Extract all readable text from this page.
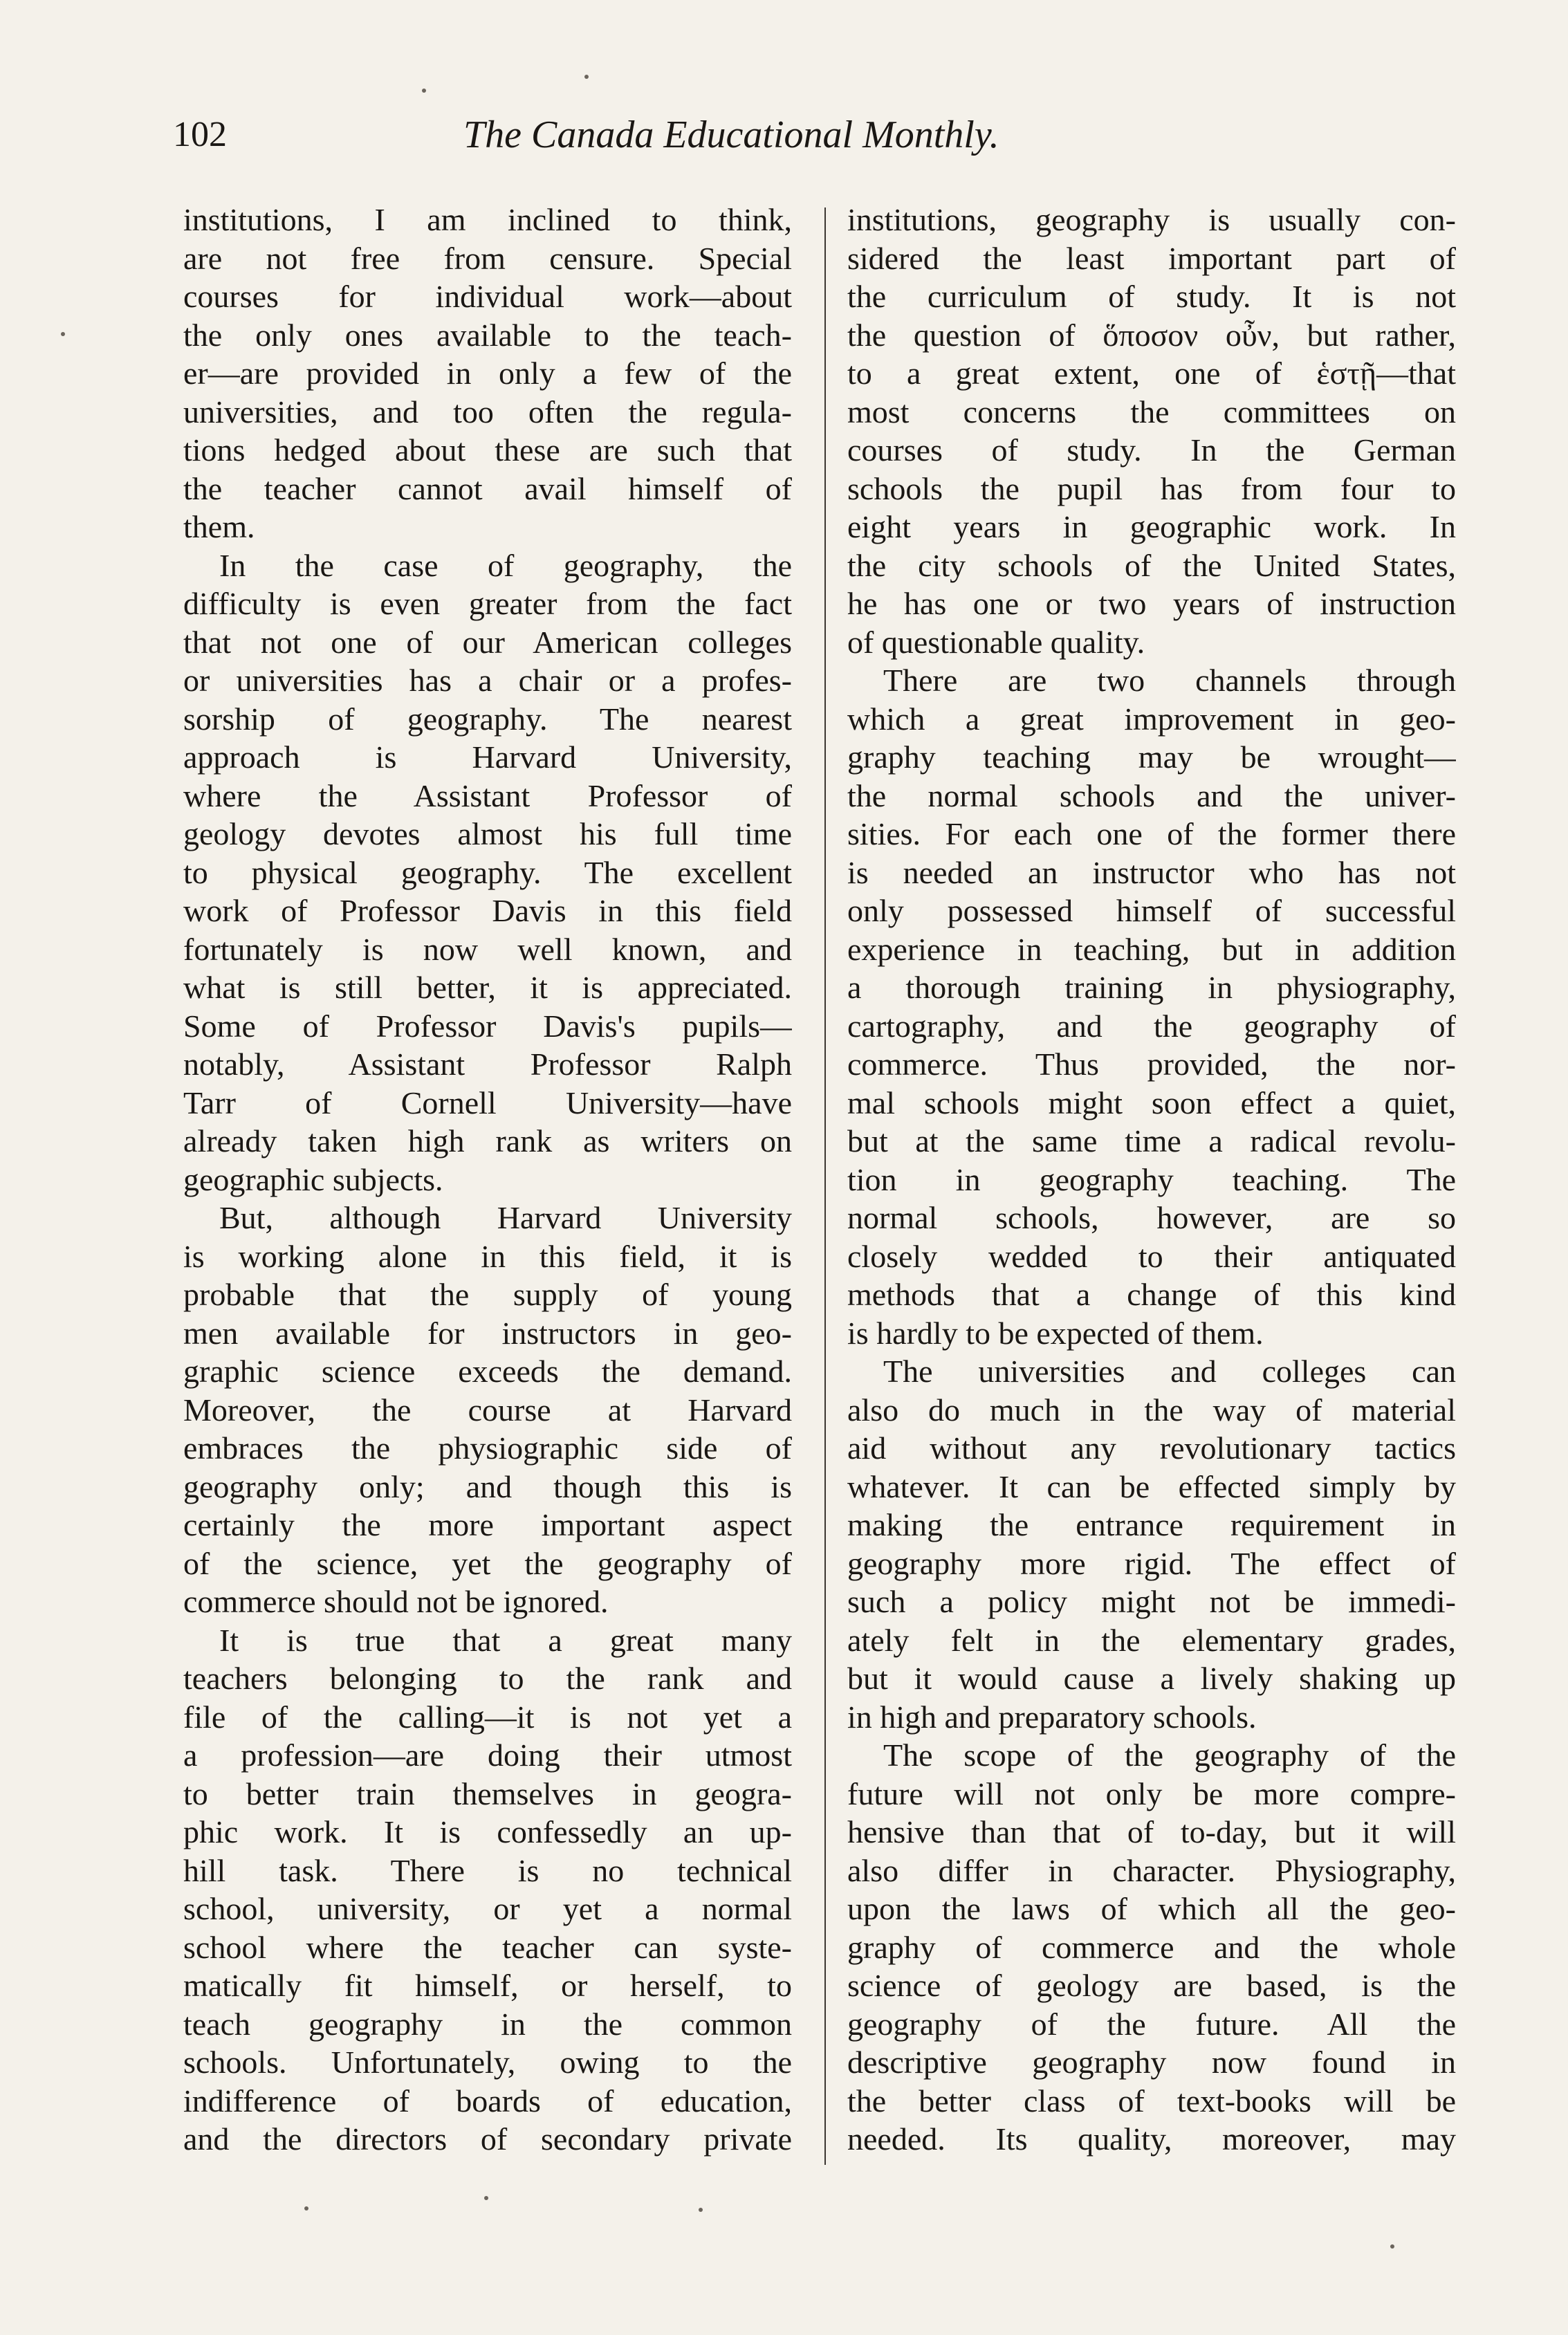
102	The Canada Educational Monthly.
institutions, I am inclined to think,
are not free from censure. Special
courses for individual work—about
the only ones available to the teach-
er—are provided in only a few of the
universities, and too often the regula-
tions hedged about these are such that
the teacher cannot avail himself of
them.
In the case of geography, the
difficulty is even greater from the fact
that not one of our American colleges
or universities has a chair or a profes-
sorship of geography. The nearest
approach is Harvard University,
where the Assistant Professor of
geology devotes almost his full time
to physical geography. The excellent
work of Professor Davis in this field
fortunately is now well known, and
what is still better, it is appreciated.
Some of Professor Davis's pupils—
notably, Assistant Professor Ralph
Tarr of Cornell University—have
already taken high rank as writers on
geographic subjects.
But, although Harvard University
is working alone in this field, it is
probable that the supply of young
men available for instructors in geo-
graphic science exceeds the demand.
Moreover, the course at Harvard
embraces the physiographic side of
geography only; and though this is
certainly the more important aspect
of the science, yet the geography of
commerce should not be ignored.
It is true that a great many
teachers belonging to the rank and
file of the calling—it is not yet a
a profession—are doing their utmost
to better train themselves in geogra-
phic work. It is confessedly an up-
hill task. There is no technical
school, university, or yet a normal
school where the teacher can syste-
matically fit himself, or herself, to
teach geography in the common
schools. Unfortunately, owing to the
indifference of boards of education,
and the directors of secondary private
institutions, geography is usually con-
sidered the least important part of
the curriculum of study. It is not
the question of ὅποσον οὖν, but rather,
to a great extent, one of ἑστῇ—that
most concerns the committees on
courses of study. In the German
schools the pupil has from four to
eight years in geographic work. In
the city schools of the United States,
he has one or two years of instruction
of questionable quality.
There are two channels through
which a great improvement in geo-
graphy teaching may be wrought—
the normal schools and the univer-
sities. For each one of the former there
is needed an instructor who has not
only possessed himself of successful
experience in teaching, but in addition
a thorough training in physiography,
cartography, and the geography of
commerce. Thus provided, the nor-
mal schools might soon effect a quiet,
but at the same time a radical revolu-
tion in geography teaching. The
normal schools, however, are so
closely wedded to their antiquated
methods that a change of this kind
is hardly to be expected of them.
The universities and colleges can
also do much in the way of material
aid without any revolutionary tactics
whatever. It can be effected simply by
making the entrance requirement in
geography more rigid. The effect of
such a policy might not be immedi-
ately felt in the elementary grades,
but it would cause a lively shaking up
in high and preparatory schools.
The scope of the geography of the
future will not only be more compre-
hensive than that of to-day, but it will
also differ in character. Physiography,
upon the laws of which all the geo-
graphy of commerce and the whole
science of geology are based, is the
geography of the future. All the
descriptive geography now found in
the better class of text-books will be
needed. Its quality, moreover, may
